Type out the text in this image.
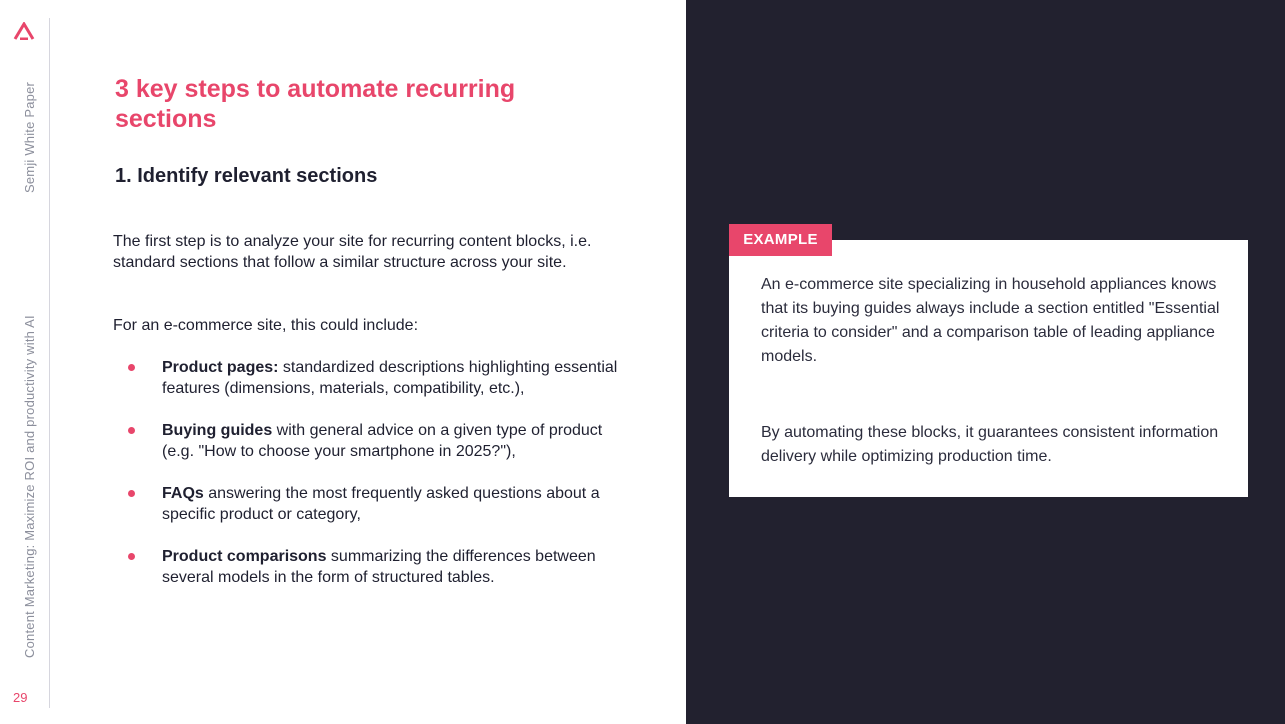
Semji White Paper
Content Marketing: Maximize ROI and productivity with AI
29
3 key steps to automate recurring sections
1. Identify relevant sections

The first step is to analyze your site for recurring content blocks, i.e. standard sections that follow a similar structure across your site.

For an e-commerce site, this could include:

Product pages: standardized descriptions highlighting essential features (dimensions, materials, compatibility, etc.),
Buying guides with general advice on a given type of product (e.g. "How to choose your smartphone in 2025?"),
FAQs answering the most frequently asked questions about a specific product or category,
Product comparisons summarizing the differences between several models in the form of structured tables.
EXAMPLE

An e-commerce site specializing in household appliances knows that its buying guides always include a section entitled "Essential criteria to consider" and a comparison table of leading appliance models.

By automating these blocks, it guarantees consistent information delivery while optimizing production time.
